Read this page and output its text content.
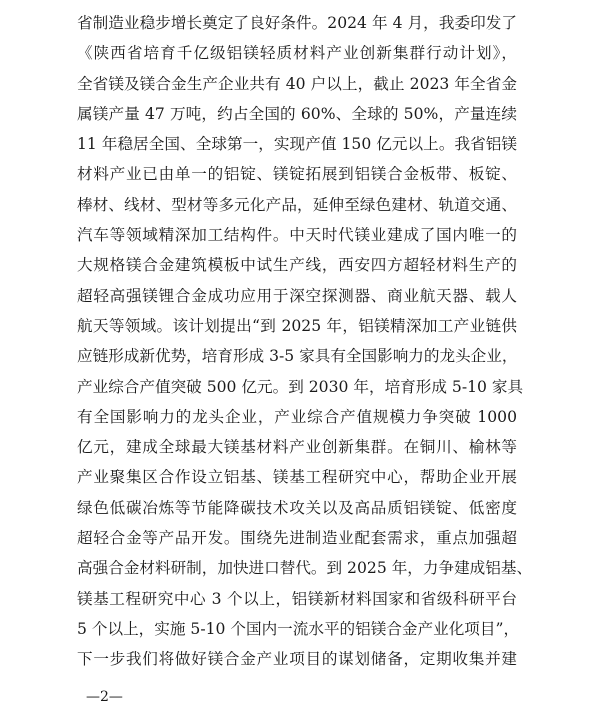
省制造业稳步增长奠定了良好条件。2024 年 4 月，我委印发了
《陕西省培育千亿级铝镁轻质材料产业创新集群行动计划》，
全省镁及镁合金生产企业共有 40 户以上，截止 2023 年全省金
属镁产量 47 万吨，约占全国的 60%、全球的 50%，产量连续
11 年稳居全国、全球第一，实现产值 150 亿元以上。我省铝镁
材料产业已由单一的铝锭、镁锭拓展到铝镁合金板带、板锭、
棒材、线材、型材等多元化产品，延伸至绿色建材、轨道交通、
汽车等领域精深加工结构件。中天时代镁业建成了国内唯一的
大规格镁合金建筑模板中试生产线，西安四方超轻材料生产的
超轻高强镁锂合金成功应用于深空探测器、商业航天器、载人
航天等领域。该计划提出“到 2025 年，铝镁精深加工产业链供
应链形成新优势，培育形成 3-5 家具有全国影响力的龙头企业，
产业综合产值突破 500 亿元。到 2030 年，培育形成 5-10 家具
有全国影响力的龙头企业，产业综合产值规模力争突破 1000
亿元，建成全球最大镁基材料产业创新集群。在铜川、榆林等
产业聚集区合作设立铝基、镁基工程研究中心，帮助企业开展
绿色低碳冶炼等节能降碳技术攻关以及高品质铝镁锭、低密度
超轻合金等产品开发。围绕先进制造业配套需求，重点加强超
高强合金材料研制，加快进口替代。到 2025 年，力争建成铝基、
镁基工程研究中心 3 个以上，铝镁新材料国家和省级科研平台
5 个以上，实施 5-10 个国内一流水平的铝镁合金产业化项目”，
下一步我们将做好镁合金产业项目的谋划储备，定期收集并建
—2—
